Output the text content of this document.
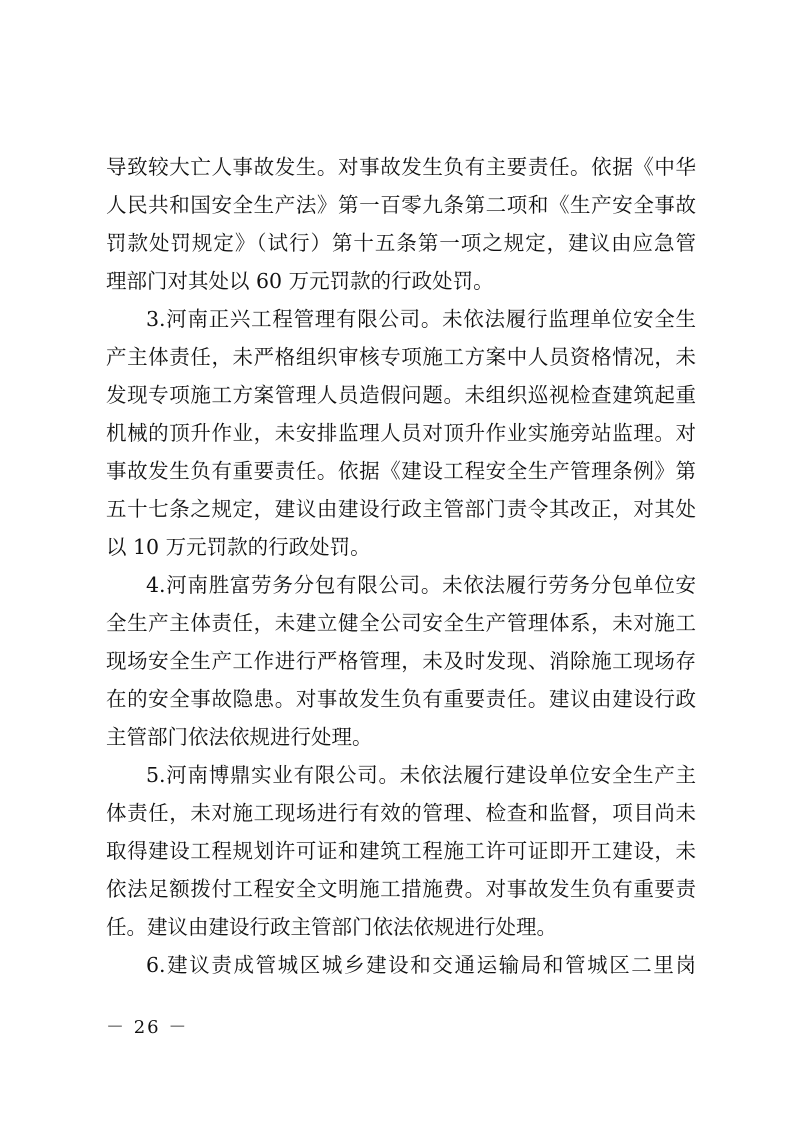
导致较大亡人事故发生。对事故发生负有主要责任。依据《中华
人民共和国安全生产法》第一百零九条第二项和《生产安全事故
罚款处罚规定》（试行）第十五条第一项之规定，建议由应急管
理部门对其处以 60 万元罚款的行政处罚。
3.河南正兴工程管理有限公司。未依法履行监理单位安全生
产主体责任，未严格组织审核专项施工方案中人员资格情况，未
发现专项施工方案管理人员造假问题。未组织巡视检查建筑起重
机械的顶升作业，未安排监理人员对顶升作业实施旁站监理。对
事故发生负有重要责任。依据《建设工程安全生产管理条例》第
五十七条之规定，建议由建设行政主管部门责令其改正，对其处
以 10 万元罚款的行政处罚。
4.河南胜富劳务分包有限公司。未依法履行劳务分包单位安
全生产主体责任，未建立健全公司安全生产管理体系，未对施工
现场安全生产工作进行严格管理，未及时发现、消除施工现场存
在的安全事故隐患。对事故发生负有重要责任。建议由建设行政
主管部门依法依规进行处理。
5.河南博鼎实业有限公司。未依法履行建设单位安全生产主
体责任，未对施工现场进行有效的管理、检查和监督，项目尚未
取得建设工程规划许可证和建筑工程施工许可证即开工建设，未
依法足额拨付工程安全文明施工措施费。对事故发生负有重要责
任。建议由建设行政主管部门依法依规进行处理。
6.建议责成管城区城乡建设和交通运输局和管城区二里岗
－ 26 －
